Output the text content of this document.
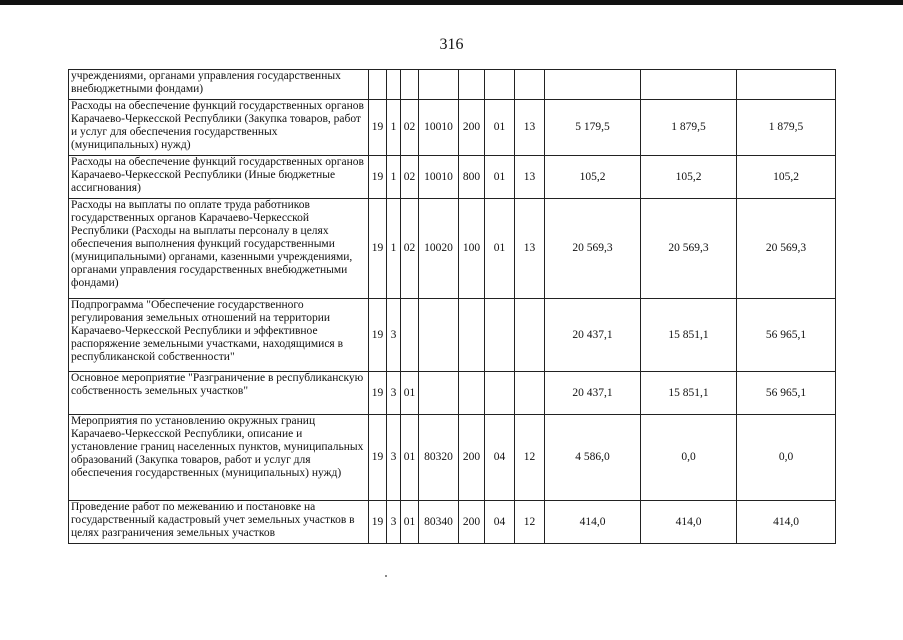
316
учреждениями, органами управления государственных внебюджетными фондами)										
Расходы на обеспечение функций государственных органов Карачаево-Черкесской Республики (Закупка товаров, работ и услуг для обеспечения государственных (муниципальных) нужд)	19	1	02	10010	200	01	13	5 179,5	1 879,5	1 879,5
Расходы на обеспечение функций государственных органов Карачаево-Черкесской Республики (Иные бюджетные ассигнования)	19	1	02	10010	800	01	13	105,2	105,2	105,2
Расходы на выплаты по оплате труда работников государственных органов Карачаево-Черкесской Республики (Расходы на выплаты персоналу в целях обеспечения выполнения функций государственными (муниципальными) органами, казенными учреждениями, органами управления государственных внебюджетными фондами)	19	1	02	10020	100	01	13	20 569,3	20 569,3	20 569,3
Подпрограмма "Обеспечение государственного регулирования земельных отношений на территории Карачаево-Черкесской Республики и эффективное распоряжение земельными участками, находящимися в республиканской собственности"	19	3						20 437,1	15 851,1	56 965,1
Основное мероприятие "Разграничение в республиканскую собственность земельных участков"	19	3	01					20 437,1	15 851,1	56 965,1
Мероприятия по установлению окружных границ Карачаево-Черкесской Республики, описание и установление границ населенных пунктов, муниципальных образований (Закупка товаров, работ и услуг для обеспечения государственных (муниципальных) нужд)	19	3	01	80320	200	04	12	4 586,0	0,0	0,0
Проведение работ по межеванию и постановке на государственный кадастровый учет земельных участков в целях разграничения земельных участков	19	3	01	80340	200	04	12	414,0	414,0	414,0
